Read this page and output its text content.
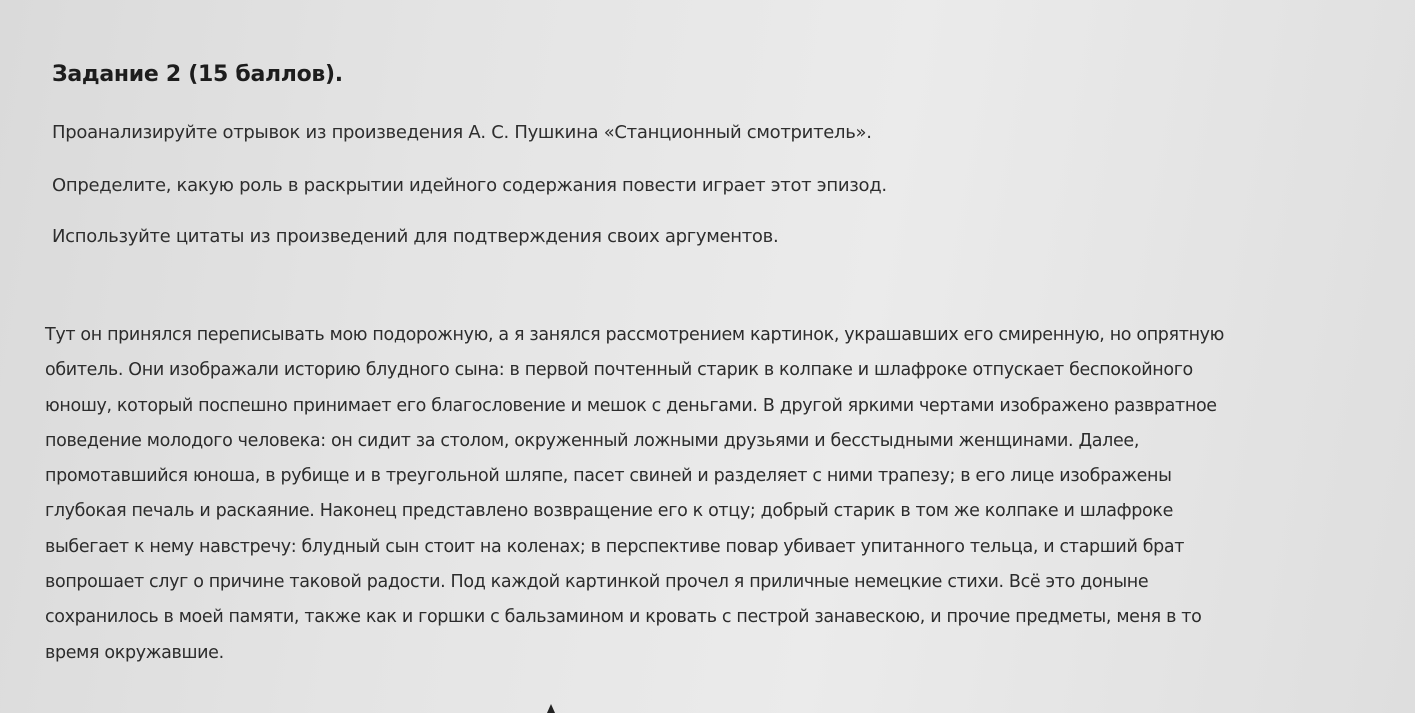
Задание 2 (15 баллов).

Проанализируйте отрывок из произведения А. С. Пушкина «Станционный смотритель».

Определите, какую роль в раскрытии идейного содержания повести играет этот эпизод.

Используйте цитаты из произведений для подтверждения своих аргументов.

Тут он принялся переписывать мою подорожную, а я занялся рассмотрением картинок, украшавших его смиренную, но опрятную
обитель. Они изображали историю блудного сына: в первой почтенный старик в колпаке и шлафроке отпускает беспокойного
юношу, который поспешно принимает его благословение и мешок с деньгами. В другой яркими чертами изображено развратное
поведение молодого человека: он сидит за столом, окруженный ложными друзьями и бесстыдными женщинами. Далее,
промотавшийся юноша, в рубище и в треугольной шляпе, пасет свиней и разделяет с ними трапезу; в его лице изображены
глубокая печаль и раскаяние. Наконец представлено возвращение его к отцу; добрый старик в том же колпаке и шлафроке
выбегает к нему навстречу: блудный сын стоит на коленах; в перспективе повар убивает упитанного тельца, и старший брат
вопрошает слуг о причине таковой радости. Под каждой картинкой прочел я приличные немецкие стихи. Всё это доныне
сохранилось в моей памяти, также как и горшки с бальзамином и кровать с пестрой занавескою, и прочие предметы, меня в то
время окружавшие.
